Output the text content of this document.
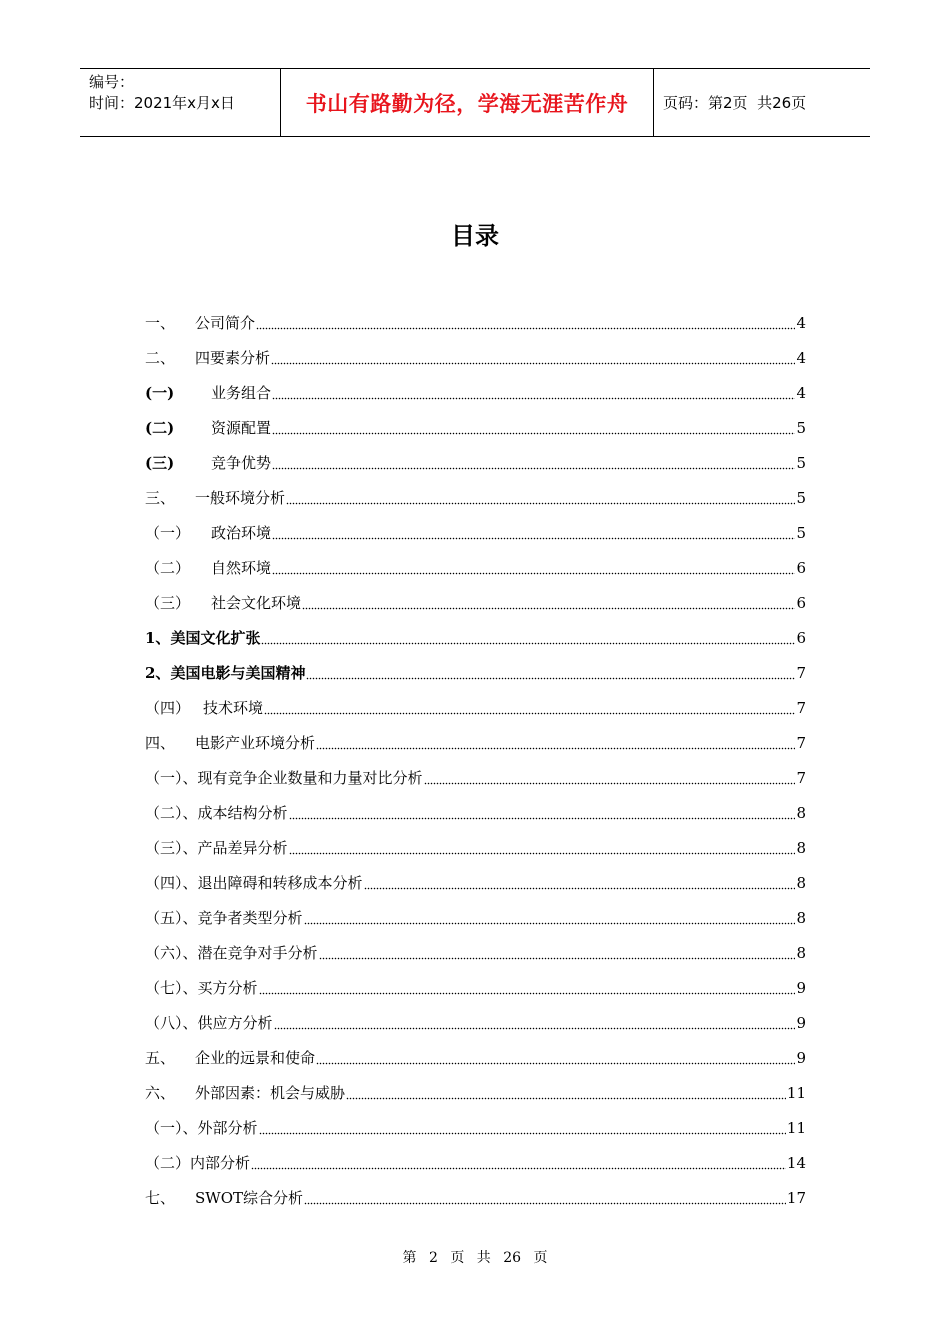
编号：
时间：2021年x月x日	书山有路勤为径，学海无涯苦作舟	页码：第2页  共26页
目录
一、	公司简介	4
二、	四要素分析	4
(一)	业务组合	4
(二)	资源配置	5
(三)	竞争优势	5
三、	一般环境分析	5
（一）	政治环境	5
（二）	自然环境	6
（三）	社会文化环境	6
1、 美国文化扩张	6
2、 美国电影与美国精神	7
（四） 技术环境	7
四、	电影产业环境分析	7
（一）、 现有竞争企业数量和力量对比分析	7
（二）、 成本结构分析	8
（三）、 产品差异分析	8
（四）、 退出障碍和转移成本分析	8
（五）、 竞争者类型分析	8
（六）、 潜在竞争对手分析	8
（七）、 买方分析	9
（八）、 供应方分析	9
五、	企业的远景和使命	9
六、	外部因素：机会与威胁	11
（一）、 外部分析	11
（二） 内部分析	14
七、	SWOT综合分析	17
第 2 页 共 26 页
